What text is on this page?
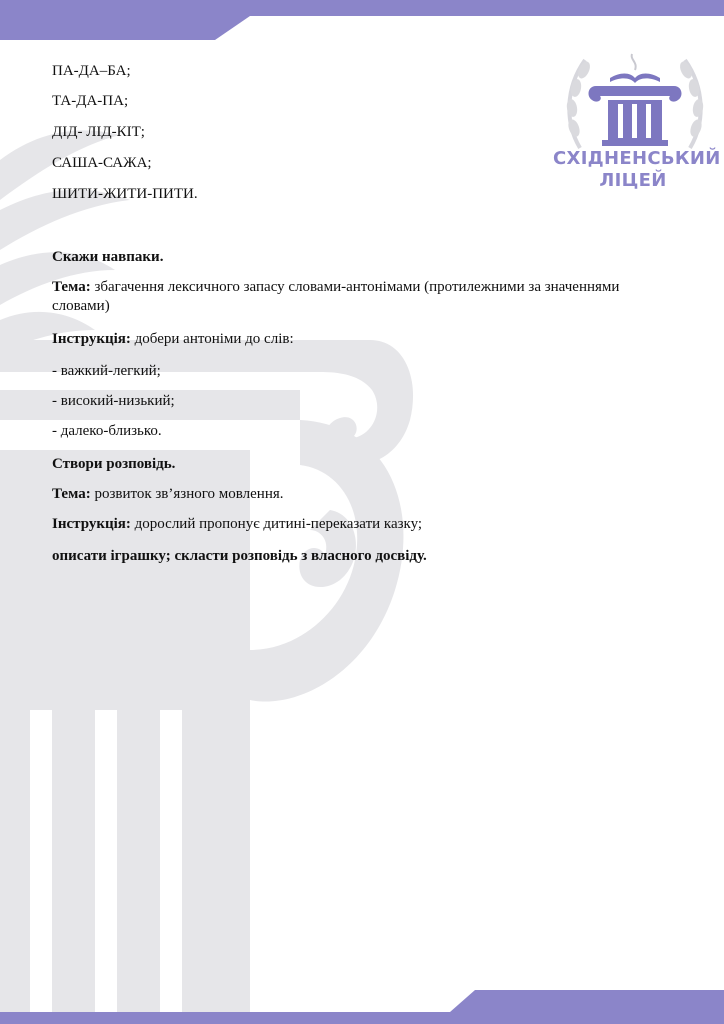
СХІДНЕНСЬКИЙ
ЛІЦЕЙ
ПА-ДА–БА;
ТА-ДА-ПА;
ДІД- ЛІД-КІТ;
САША-САЖА;
ШИТИ-ЖИТИ-ПИТИ.
Скажи навпаки.
Тема: збагачення лексичного запасу словами-антонімами (протилежними за значеннями словами)
Інструкція: добери антоніми до слів:
- важкий-легкий;
- високий-низький;
- далеко-близько.
Створи розповідь.
Тема: розвиток зв’язного мовлення.
Інструкція: дорослий пропонує дитині-переказати казку;
описати іграшку; скласти розповідь з власного досвіду.
